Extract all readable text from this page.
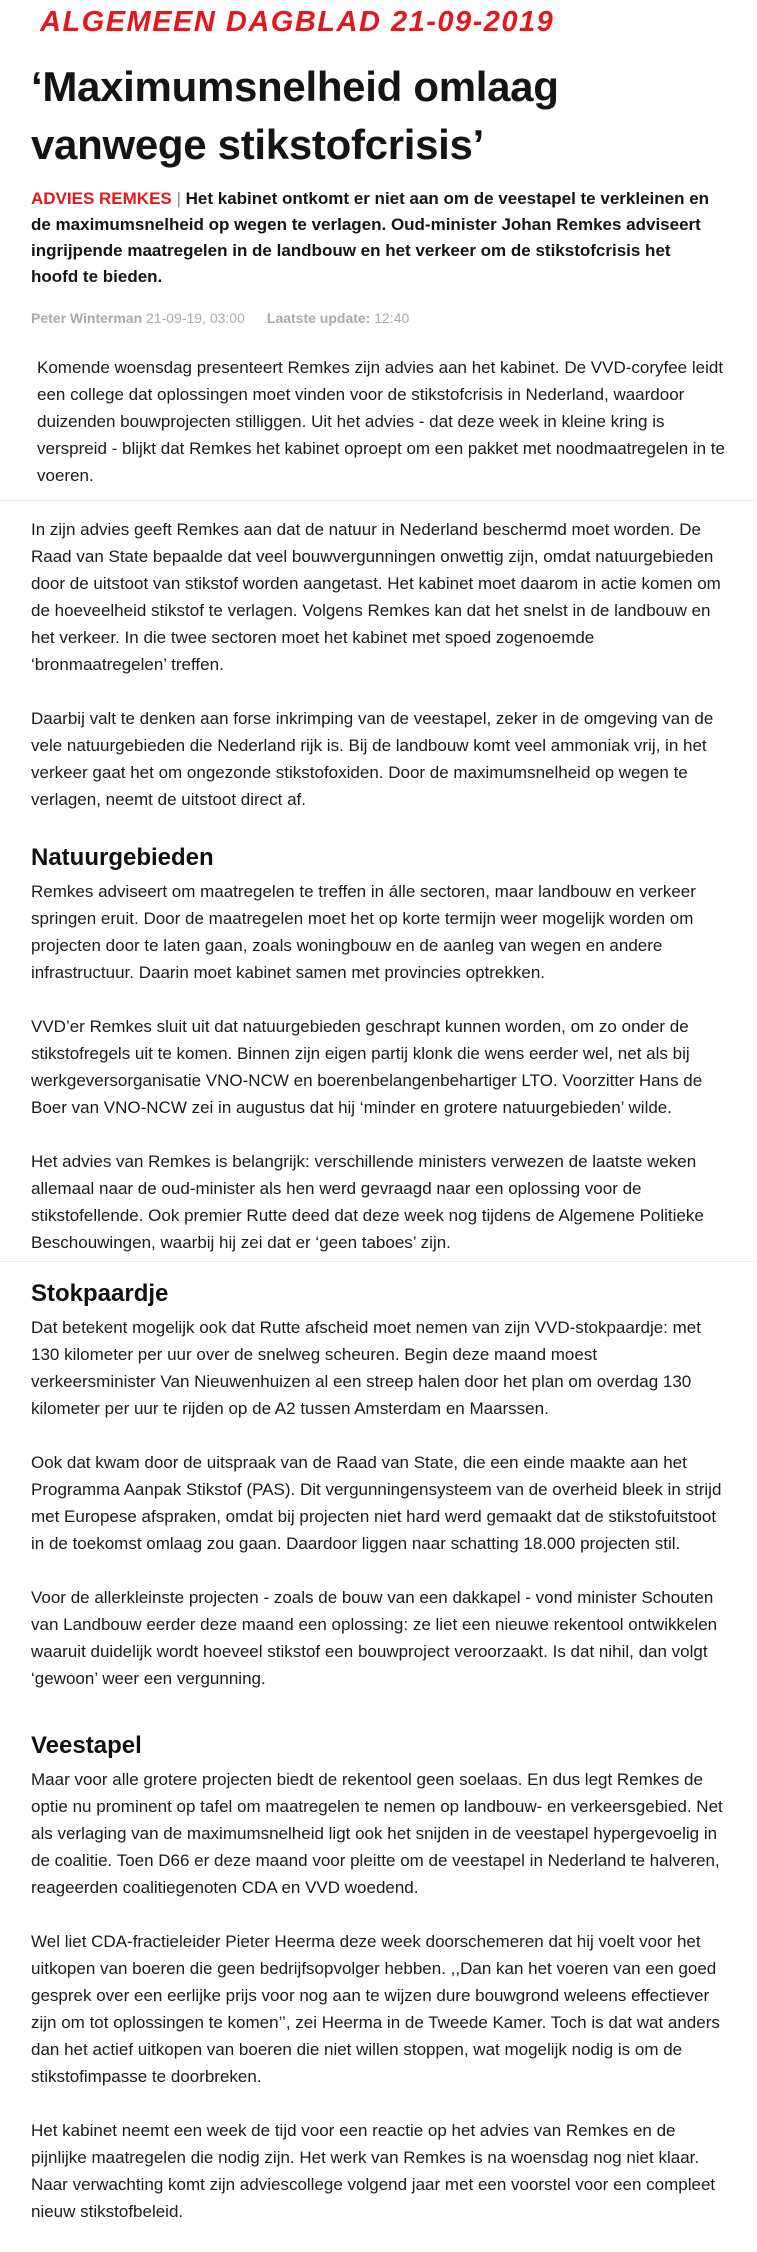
ALGEMEEN DAGBLAD 21-09-2019
‘Maximumsnelheid omlaag vanwege stikstofcrisis’

ADVIES REMKES | Het kabinet ontkomt er niet aan om de veestapel te verkleinen en de maximumsnelheid op wegen te verlagen. Oud-minister Johan Remkes adviseert ingrijpende maatregelen in de landbouw en het verkeer om de stikstofcrisis het hoofd te bieden.

Peter Winterman 21-09-19, 03:00 Laatste update: 12:40

Komende woensdag presenteert Remkes zijn advies aan het kabinet. De VVD-coryfee leidt een college dat oplossingen moet vinden voor de stikstofcrisis in Nederland, waardoor duizenden bouwprojecten stilliggen. Uit het advies - dat deze week in kleine kring is verspreid - blijkt dat Remkes het kabinet oproept om een pakket met noodmaatregelen in te voeren.

In zijn advies geeft Remkes aan dat de natuur in Nederland beschermd moet worden. De Raad van State bepaalde dat veel bouwvergunningen onwettig zijn, omdat natuurgebieden door de uitstoot van stikstof worden aangetast. Het kabinet moet daarom in actie komen om de hoeveelheid stikstof te verlagen. Volgens Remkes kan dat het snelst in de landbouw en het verkeer. In die twee sectoren moet het kabinet met spoed zogenoemde ‘bronmaatregelen’ treffen.

Daarbij valt te denken aan forse inkrimping van de veestapel, zeker in de omgeving van de vele natuurgebieden die Nederland rijk is. Bij de landbouw komt veel ammoniak vrij, in het verkeer gaat het om ongezonde stikstofoxiden. Door de maximumsnelheid op wegen te verlagen, neemt de uitstoot direct af.

Natuurgebieden

Remkes adviseert om maatregelen te treffen in álle sectoren, maar landbouw en verkeer springen eruit. Door de maatregelen moet het op korte termijn weer mogelijk worden om projecten door te laten gaan, zoals woningbouw en de aanleg van wegen en andere infrastructuur. Daarin moet kabinet samen met provincies optrekken.

VVD’er Remkes sluit uit dat natuurgebieden geschrapt kunnen worden, om zo onder de stikstofregels uit te komen. Binnen zijn eigen partij klonk die wens eerder wel, net als bij werkgeversorganisatie VNO-NCW en boerenbelangenbehartiger LTO. Voorzitter Hans de Boer van VNO-NCW zei in augustus dat hij ‘minder en grotere natuurgebieden’ wilde.

Het advies van Remkes is belangrijk: verschillende ministers verwezen de laatste weken allemaal naar de oud-minister als hen werd gevraagd naar een oplossing voor de stikstofellende. Ook premier Rutte deed dat deze week nog tijdens de Algemene Politieke Beschouwingen, waarbij hij zei dat er ‘geen taboes’ zijn.

Stokpaardje

Dat betekent mogelijk ook dat Rutte afscheid moet nemen van zijn VVD-stokpaardje: met 130 kilometer per uur over de snelweg scheuren. Begin deze maand moest verkeersminister Van Nieuwenhuizen al een streep halen door het plan om overdag 130 kilometer per uur te rijden op de A2 tussen Amsterdam en Maarssen.

Ook dat kwam door de uitspraak van de Raad van State, die een einde maakte aan het Programma Aanpak Stikstof (PAS). Dit vergunningensysteem van de overheid bleek in strijd met Europese afspraken, omdat bij projecten niet hard werd gemaakt dat de stikstofuitstoot in de toekomst omlaag zou gaan. Daardoor liggen naar schatting 18.000 projecten stil.

Voor de allerkleinste projecten - zoals de bouw van een dakkapel - vond minister Schouten van Landbouw eerder deze maand een oplossing: ze liet een nieuwe rekentool ontwikkelen waaruit duidelijk wordt hoeveel stikstof een bouwproject veroorzaakt. Is dat nihil, dan volgt ‘gewoon’ weer een vergunning.

Veestapel

Maar voor alle grotere projecten biedt de rekentool geen soelaas. En dus legt Remkes de optie nu prominent op tafel om maatregelen te nemen op landbouw- en verkeersgebied. Net als verlaging van de maximumsnelheid ligt ook het snijden in de veestapel hypergevoelig in de coalitie. Toen D66 er deze maand voor pleitte om de veestapel in Nederland te halveren, reageerden coalitiegenoten CDA en VVD woedend.

Wel liet CDA-fractieleider Pieter Heerma deze week doorschemeren dat hij voelt voor het uitkopen van boeren die geen bedrijfsopvolger hebben. ,,Dan kan het voeren van een goed gesprek over een eerlijke prijs voor nog aan te wijzen dure bouwgrond weleens effectiever zijn om tot oplossingen te komen’’, zei Heerma in de Tweede Kamer. Toch is dat wat anders dan het actief uitkopen van boeren die niet willen stoppen, wat mogelijk nodig is om de stikstofimpasse te doorbreken.

Het kabinet neemt een week de tijd voor een reactie op het advies van Remkes en de pijnlijke maatregelen die nodig zijn. Het werk van Remkes is na woensdag nog niet klaar. Naar verwachting komt zijn adviescollege volgend jaar met een voorstel voor een compleet nieuw stikstofbeleid.
